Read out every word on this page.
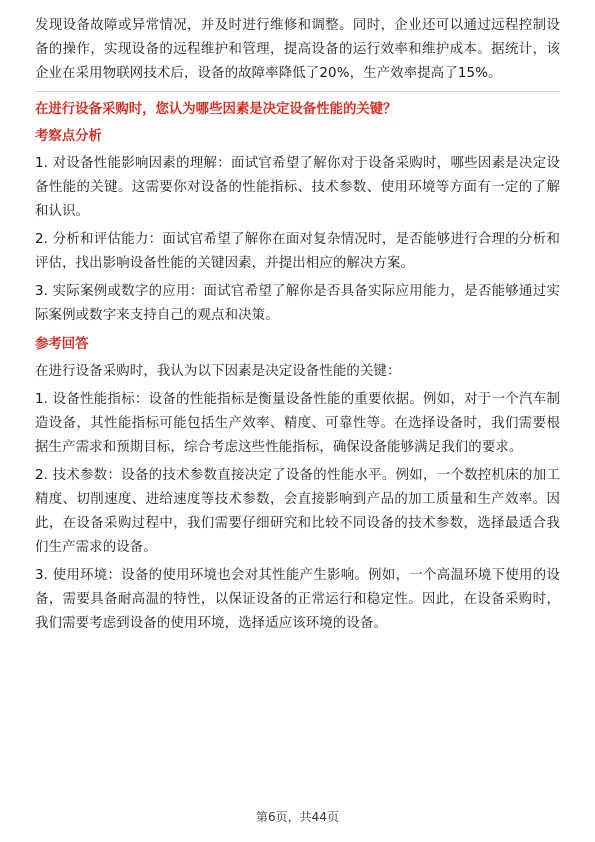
发现设备故障或异常情况，并及时进行维修和调整。同时，企业还可以通过远程控制设备的操作，实现设备的远程维护和管理，提高设备的运行效率和维护成本。据统计，该企业在采用物联网技术后，设备的故障率降低了20%，生产效率提高了15%。

在进行设备采购时，您认为哪些因素是决定设备性能的关键？

考察点分析

1. 对设备性能影响因素的理解：面试官希望了解你对于设备采购时，哪些因素是决定设备性能的关键。这需要你对设备的性能指标、技术参数、使用环境等方面有一定的了解和认识。

2. 分析和评估能力：面试官希望了解你在面对复杂情况时，是否能够进行合理的分析和评估，找出影响设备性能的关键因素，并提出相应的解决方案。

3. 实际案例或数字的应用：面试官希望了解你是否具备实际应用能力，是否能够通过实际案例或数字来支持自己的观点和决策。

参考回答

在进行设备采购时，我认为以下因素是决定设备性能的关键：

1. 设备性能指标：设备的性能指标是衡量设备性能的重要依据。例如，对于一个汽车制造设备，其性能指标可能包括生产效率、精度、可靠性等。在选择设备时，我们需要根据生产需求和预期目标，综合考虑这些性能指标，确保设备能够满足我们的要求。

2. 技术参数：设备的技术参数直接决定了设备的性能水平。例如，一个数控机床的加工精度、切削速度、进给速度等技术参数，会直接影响到产品的加工质量和生产效率。因此，在设备采购过程中，我们需要仔细研究和比较不同设备的技术参数，选择最适合我们生产需求的设备。

3. 使用环境：设备的使用环境也会对其性能产生影响。例如，一个高温环境下使用的设备，需要具备耐高温的特性，以保证设备的正常运行和稳定性。因此，在设备采购时，我们需要考虑到设备的使用环境，选择适应该环境的设备。

第6页，共44页
